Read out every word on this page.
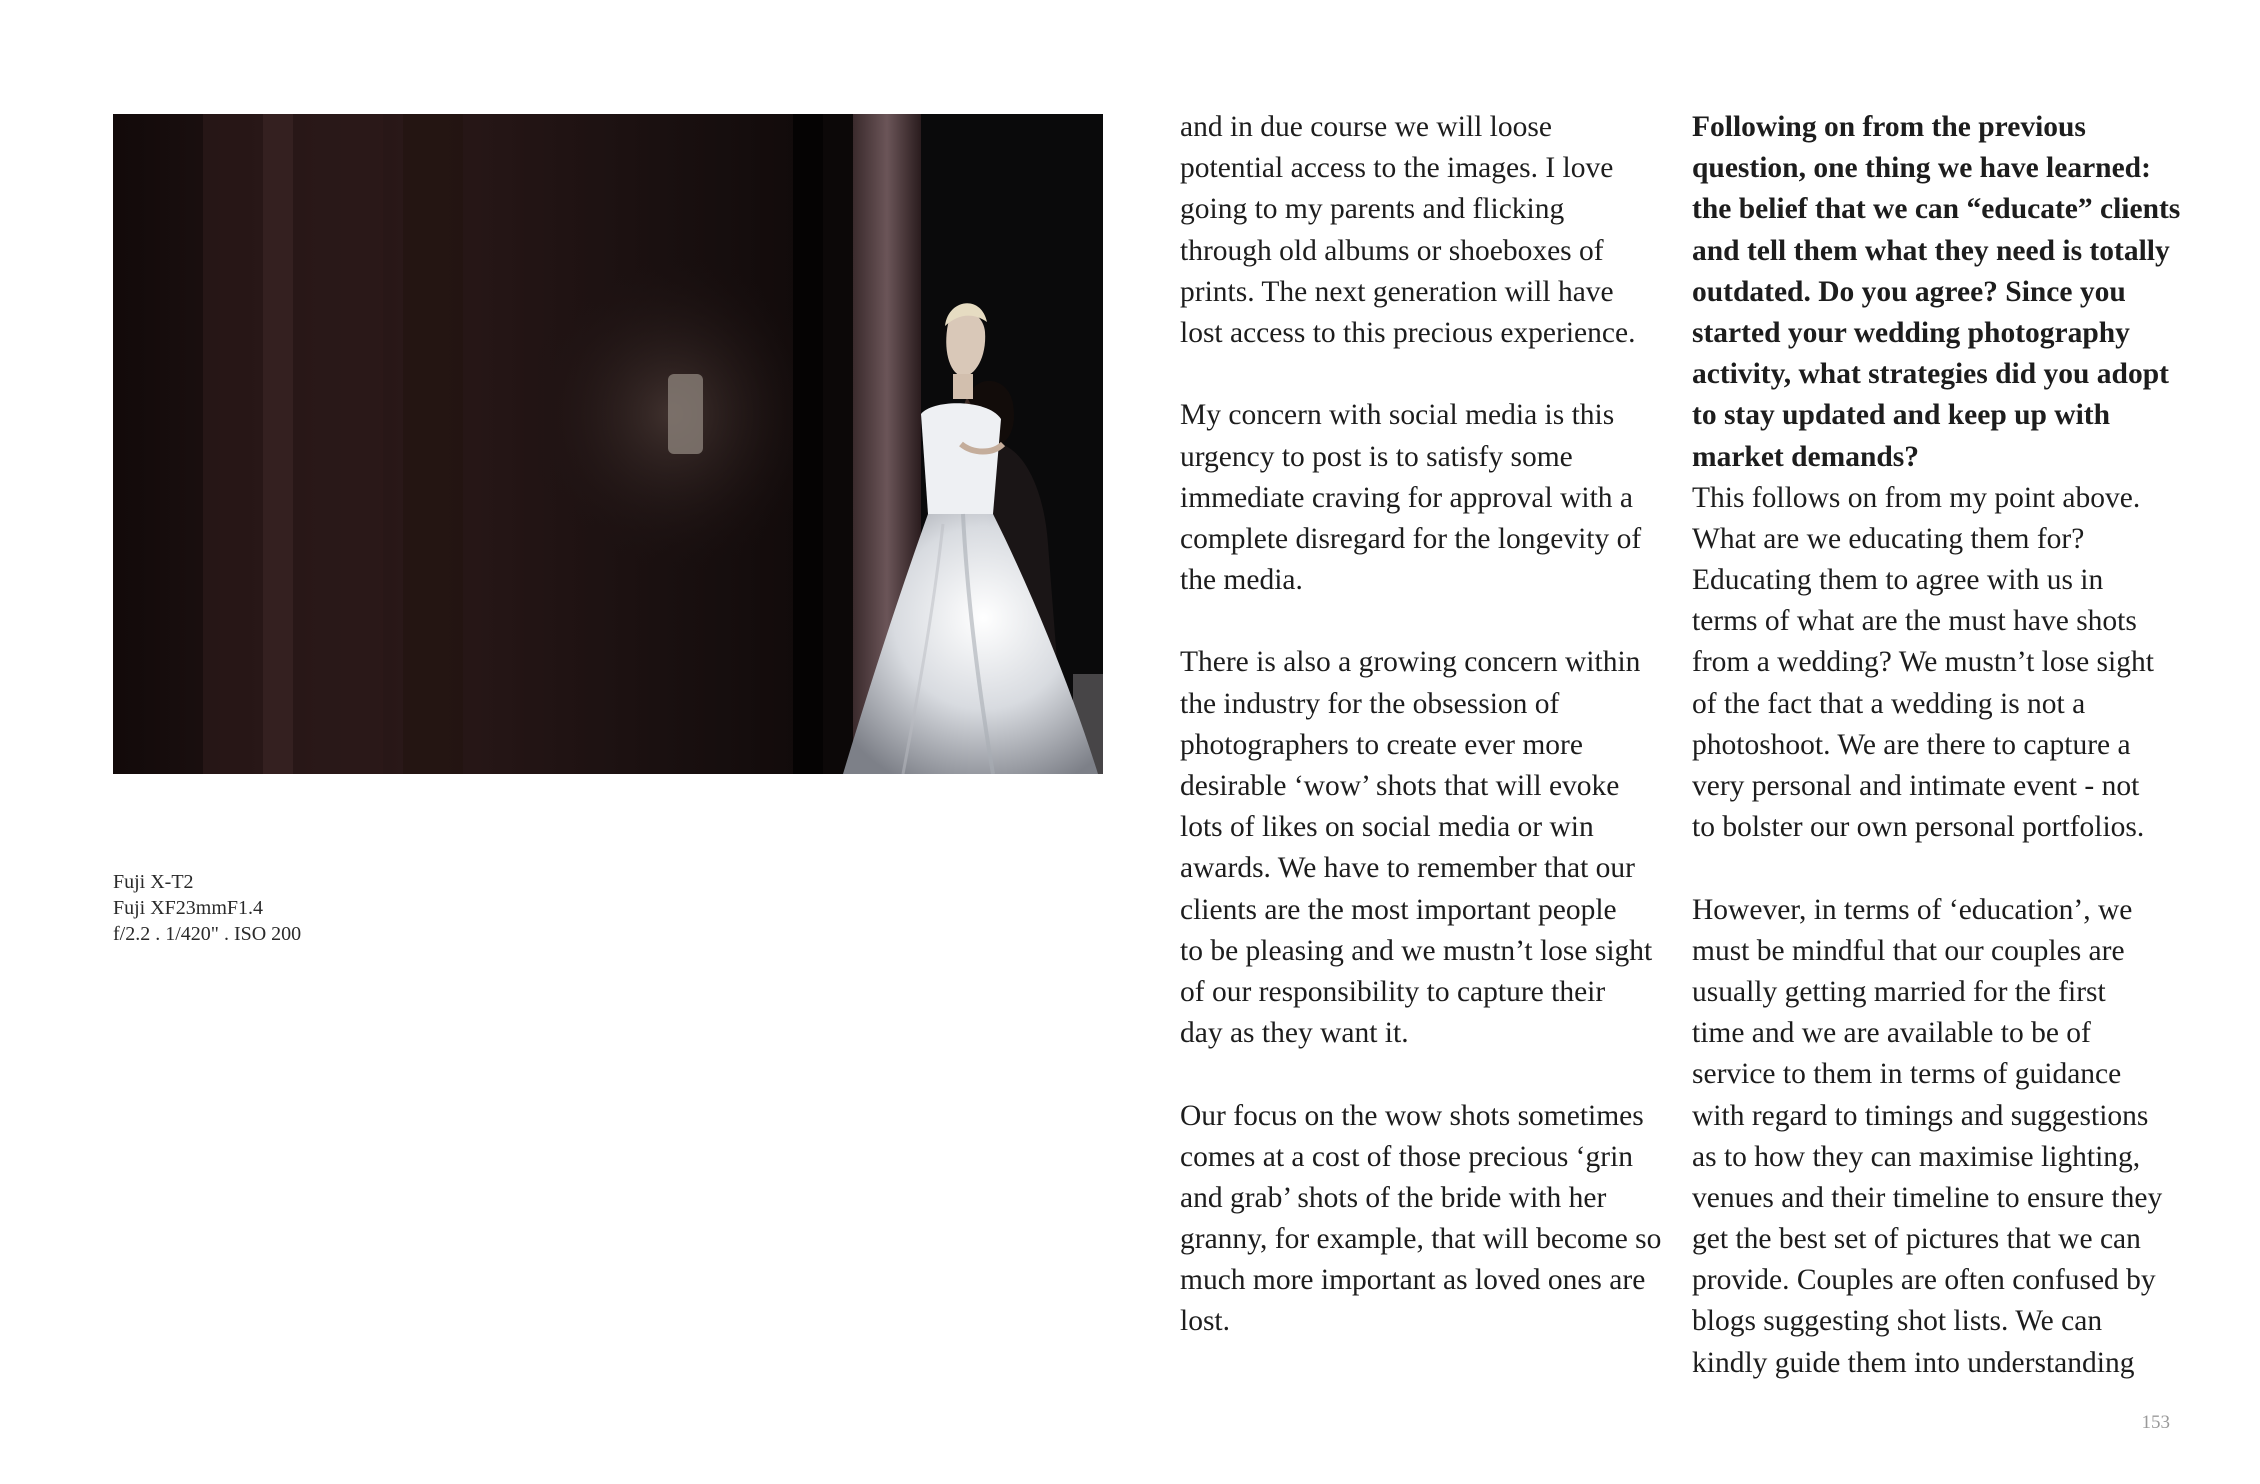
Fuji X-T2
Fuji XF23mmF1.4
f/2.2 . 1/420" . ISO 200
and in due course we will loose
potential access to the images. I love
going to my parents and flicking
through old albums or shoeboxes of
prints. The next generation will have
lost access to this precious experience.
My concern with social media is this
urgency to post is to satisfy some
immediate craving for approval with a
complete disregard for the longevity of
the media.
There is also a growing concern within
the industry for the obsession of
photographers to create ever more
desirable ‘wow’ shots that will evoke
lots of likes on social media or win
awards. We have to remember that our
clients are the most important people
to be pleasing and we mustn’t lose sight
of our responsibility to capture their
day as they want it.
Our focus on the wow shots sometimes
comes at a cost of those precious ‘grin
and grab’ shots of the bride with her
granny, for example, that will become so
much more important as loved ones are
lost.
Following on from the previous
question, one thing we have learned:
the belief that we can “educate” clients
and tell them what they need is totally
outdated. Do you agree? Since you
started your wedding photography
activity, what strategies did you adopt
to stay updated and keep up with
market demands?
This follows on from my point above.
What are we educating them for?
Educating them to agree with us in
terms of what are the must have shots
from a wedding? We mustn’t lose sight
of the fact that a wedding is not a
photoshoot. We are there to capture a
very personal and intimate event - not
to bolster our own personal portfolios.
However, in terms of ‘education’, we
must be mindful that our couples are
usually getting married for the first
time and we are available to be of
service to them in terms of guidance
with regard to timings and suggestions
as to how they can maximise lighting,
venues and their timeline to ensure they
get the best set of pictures that we can
provide. Couples are often confused by
blogs suggesting shot lists. We can
kindly guide them into understanding
153
